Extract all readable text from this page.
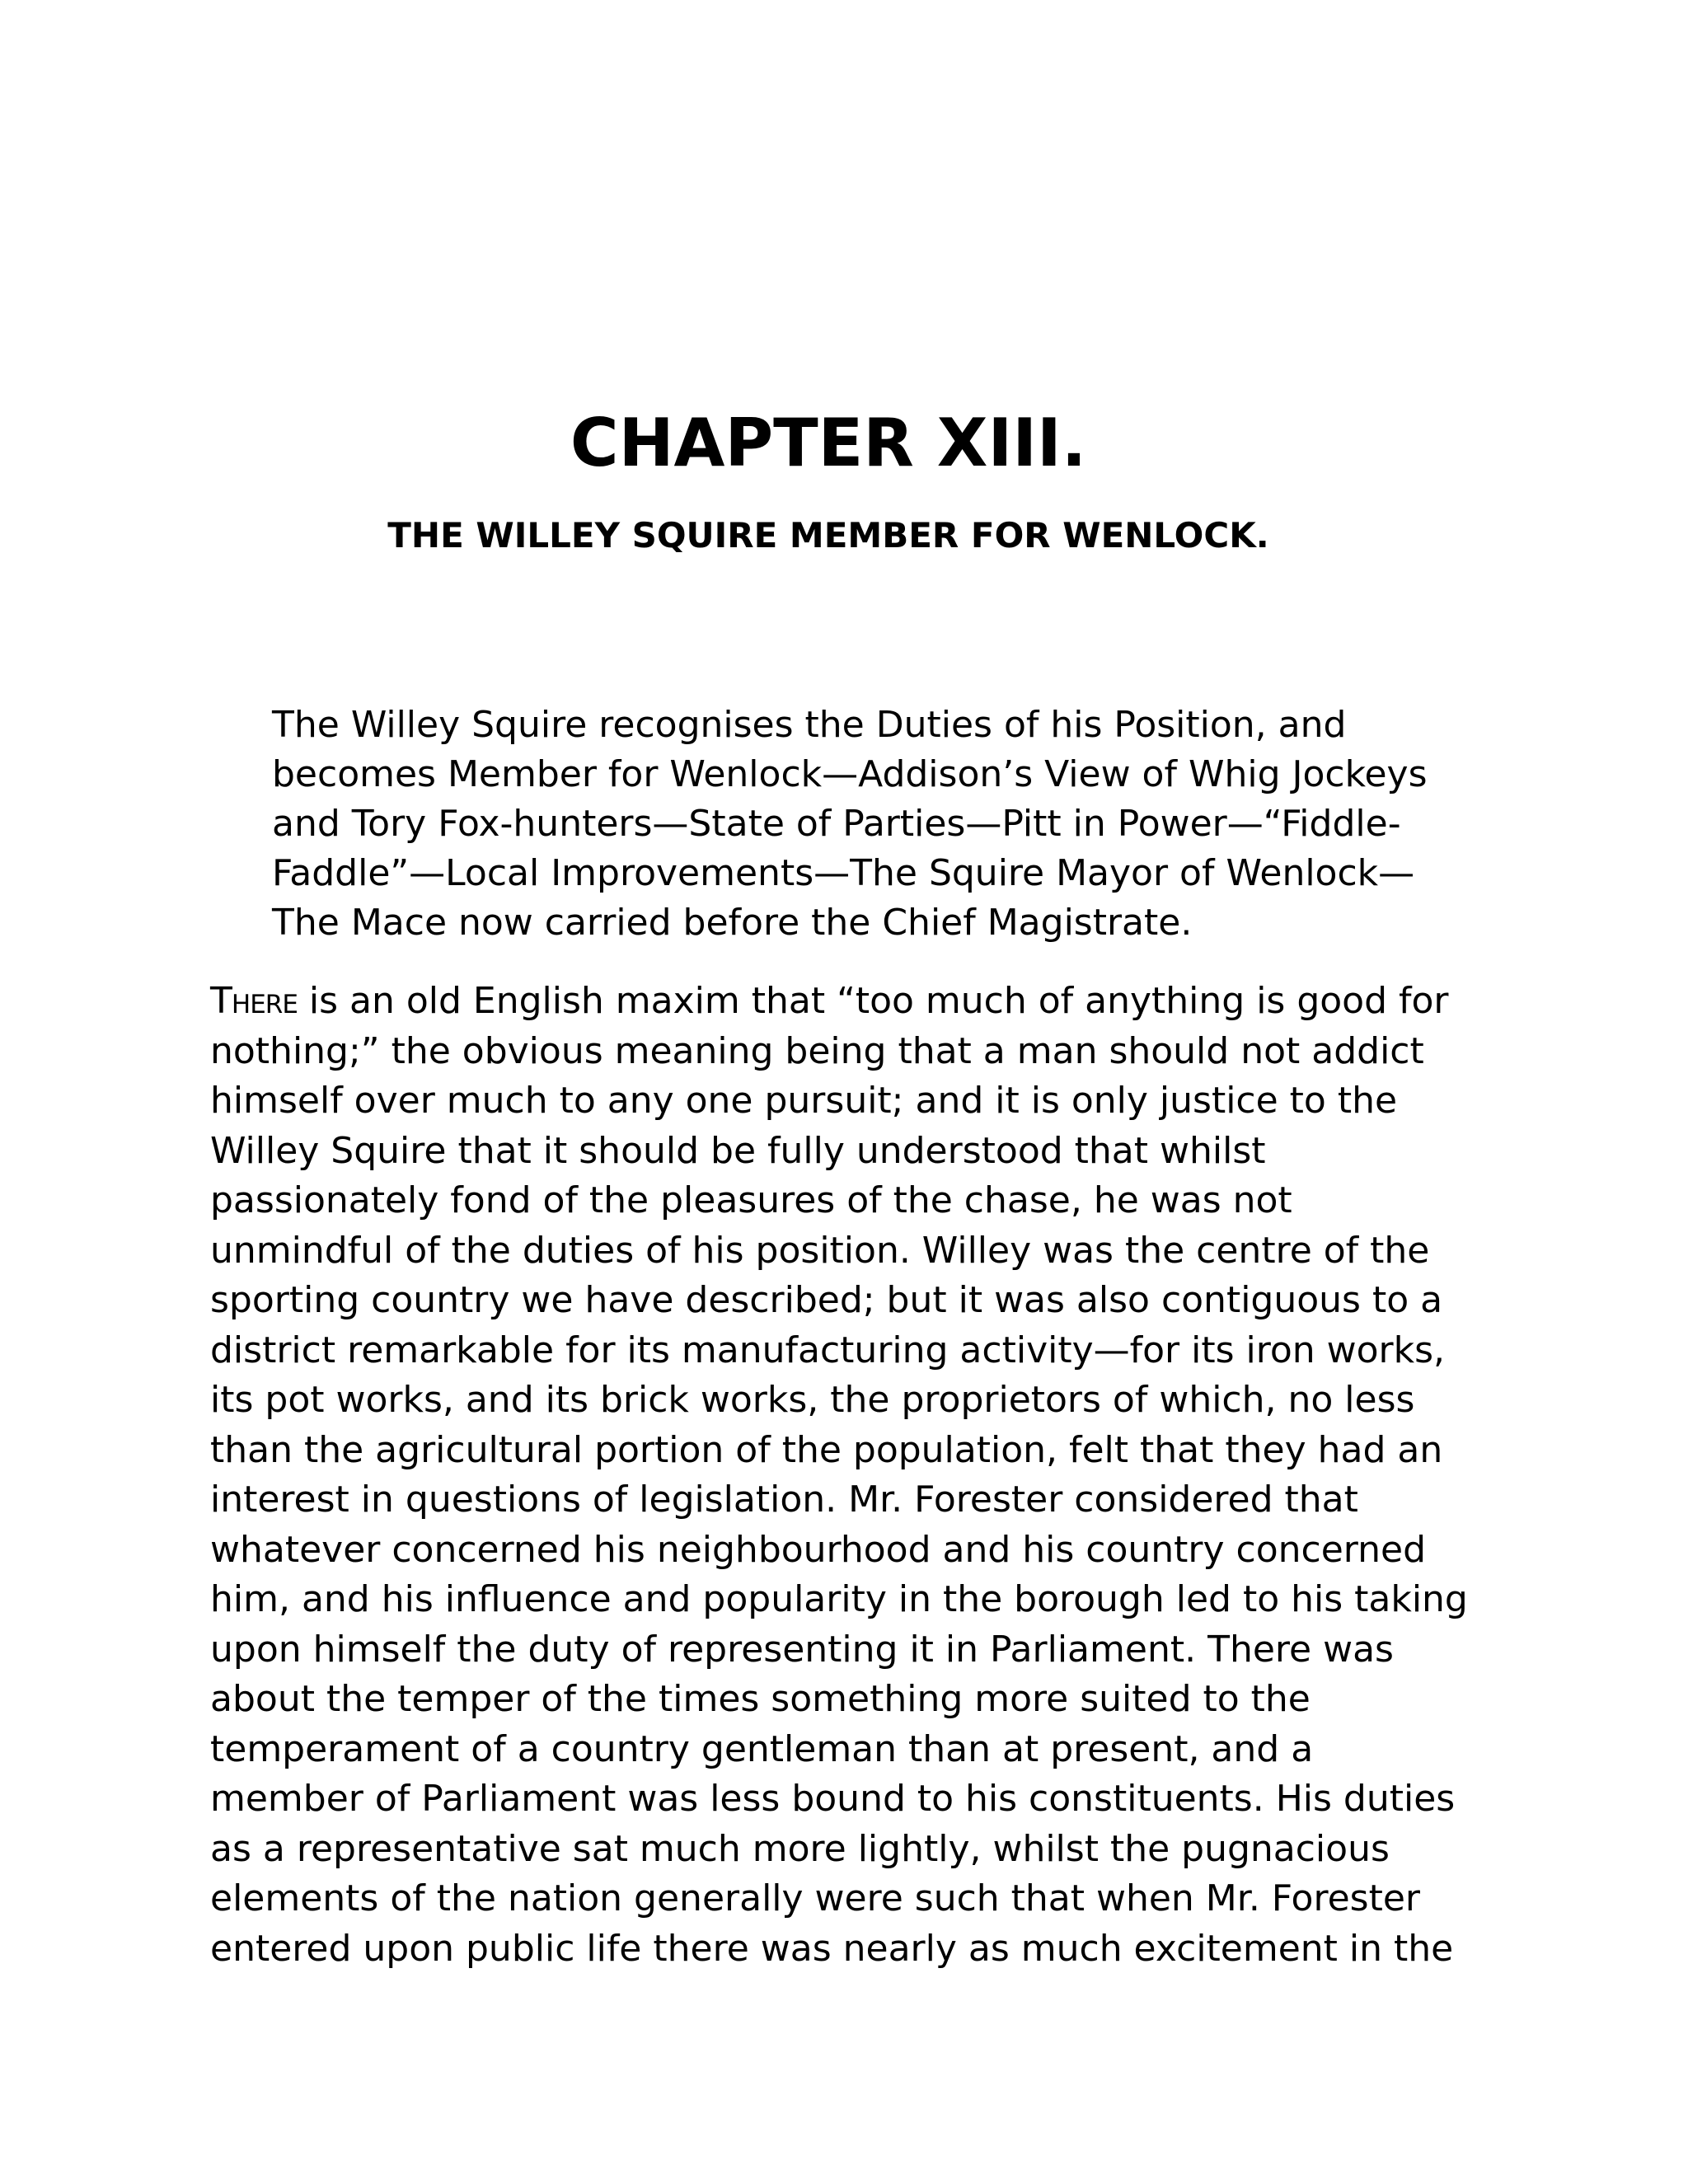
CHAPTER XIII.
THE WILLEY SQUIRE MEMBER FOR WENLOCK.
The Willey Squire recognises the Duties of his Position, and
becomes Member for Wenlock—Addison’s View of Whig Jockeys
and Tory Fox-hunters—State of Parties—Pitt in Power—“Fiddle-
Faddle”—Local Improvements—The Squire Mayor of Wenlock—
The Mace now carried before the Chief Magistrate.
There is an old English maxim that “too much of anything is good for
nothing;” the obvious meaning being that a man should not addict
himself over much to any one pursuit; and it is only justice to the
Willey Squire that it should be fully understood that whilst
passionately fond of the pleasures of the chase, he was not
unmindful of the duties of his position. Willey was the centre of the
sporting country we have described; but it was also contiguous to a
district remarkable for its manufacturing activity—for its iron works,
its pot works, and its brick works, the proprietors of which, no less
than the agricultural portion of the population, felt that they had an
interest in questions of legislation. Mr. Forester considered that
whatever concerned his neighbourhood and his country concerned
him, and his influence and popularity in the borough led to his taking
upon himself the duty of representing it in Parliament. There was
about the temper of the times something more suited to the
temperament of a country gentleman than at present, and a
member of Parliament was less bound to his constituents. His duties
as a representative sat much more lightly, whilst the pugnacious
elements of the nation generally were such that when Mr. Forester
entered upon public life there was nearly as much excitement in the
